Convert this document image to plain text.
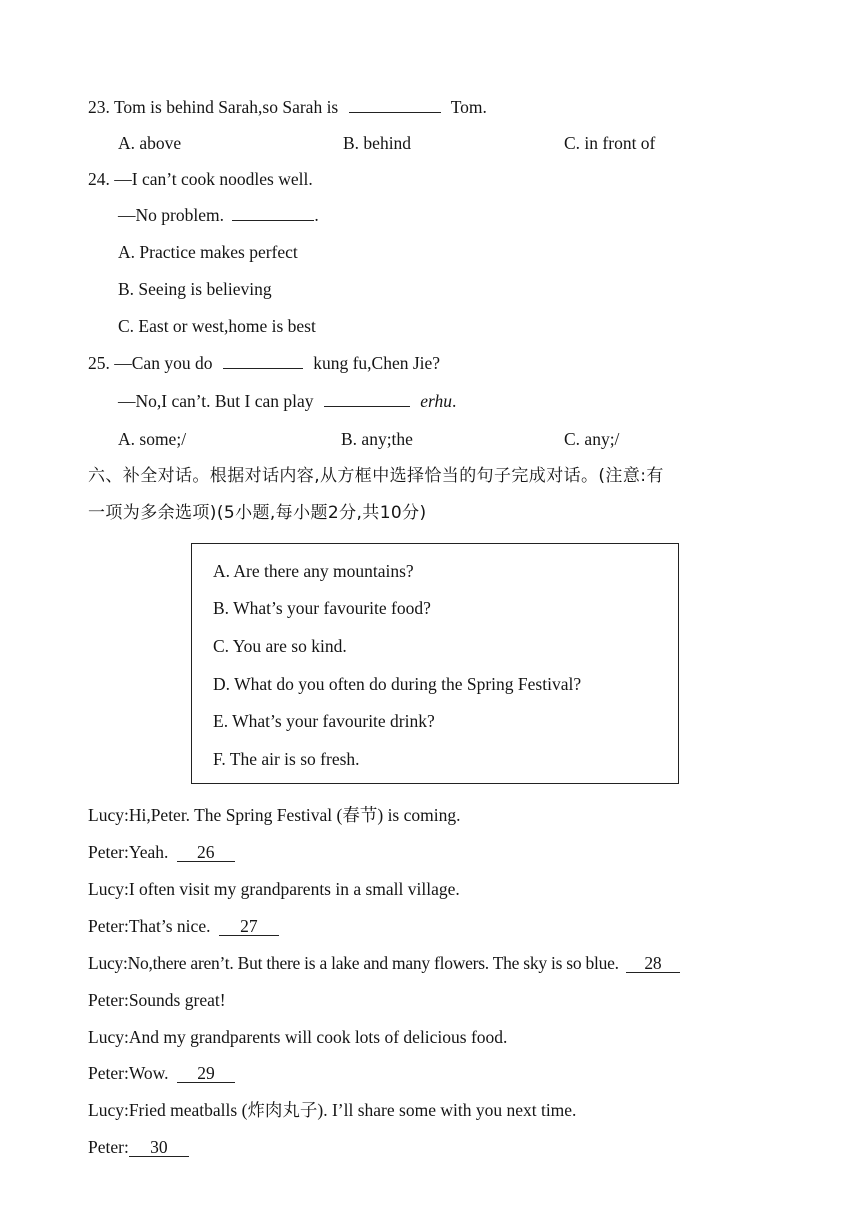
23. Tom is behind Sarah,so Sarah is	Tom.
A. above	B. behind	C. in front of
24. —I can’t cook noodles well.
—No problem.	.
A. Practice makes perfect
B. Seeing is believing
C. East or west,home is best
25. —Can you do	kung fu,Chen Jie?
—No,I can’t. But I can play	erhu.
A. some;/	B. any;the	C. any;/
六、补全对话。根据对话内容,从方框中选择恰当的句子完成对话。(注意:有
一项为多余选项)(5小题,每小题2分,共10分)
A. Are there any mountains?
B. What’s your favourite food?
C. You are so kind.
D. What do you often do during the Spring Festival?
E. What’s your favourite drink?
F. The air is so fresh.
Lucy:Hi,Peter. The Spring Festival (春节) is coming.
Peter:Yeah. 26
Lucy:I often visit my grandparents in a small village.
Peter:That’s nice. 27
Lucy:No,there aren’t. But there is a lake and many flowers. The sky is so blue. 28
Peter:Sounds great!
Lucy:And my grandparents will cook lots of delicious food.
Peter:Wow. 29
Lucy:Fried meatballs (炸肉丸子). I’ll share some with you next time.
Peter: 30
